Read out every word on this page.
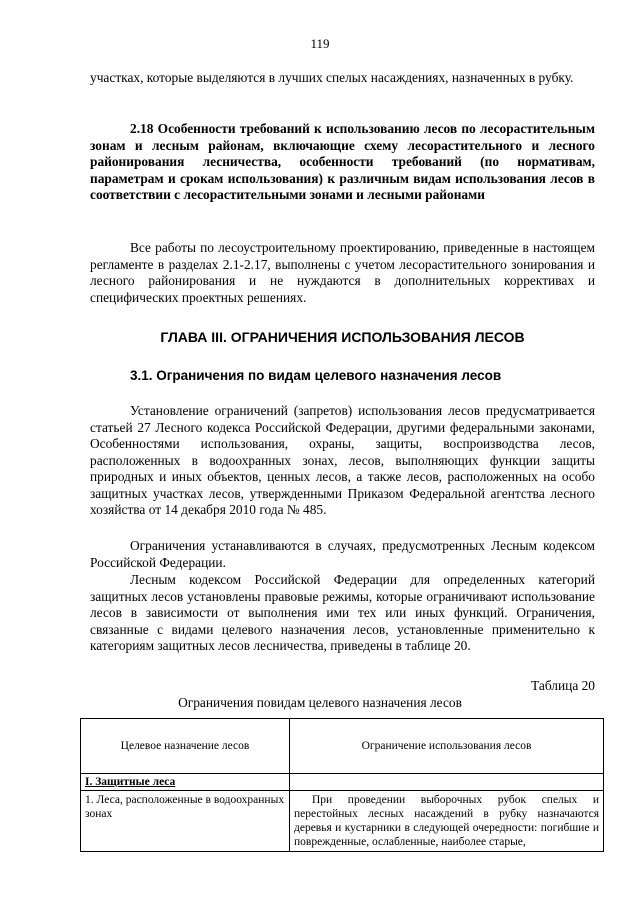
119
участках, которые выделяются в лучших спелых насаждениях, назначенных в рубку.
2.18 Особенности требований к использованию лесов по лесорастительным зонам и лесным районам, включающие схему лесорастительного и лесного районирования лесничества, особенности требований (по нормативам, параметрам и срокам использования) к различным видам использования лесов в соответствии с лесорастительными зонами и лесными районами
Все работы по лесоустроительному проектированию, приведенные в настоящем регламенте в разделах 2.1-2.17, выполнены с учетом лесорастительного зонирования и лесного районирования и не нуждаются в дополнительных коррективах и специфических проектных решениях.
ГЛАВА III. ОГРАНИЧЕНИЯ ИСПОЛЬЗОВАНИЯ ЛЕСОВ
3.1. Ограничения по видам целевого назначения лесов
Установление ограничений (запретов) использования лесов предусматривается статьей 27 Лесного кодекса Российской Федерации, другими федеральными законами, Особенностями использования, охраны, защиты, воспроизводства лесов, расположенных в водоохранных зонах, лесов, выполняющих функции защиты природных и иных объектов, ценных лесов, а также лесов, расположенных на особо защитных участках лесов, утвержденными Приказом Федеральной агентства лесного хозяйства от 14 декабря 2010 года № 485.
Ограничения устанавливаются в случаях, предусмотренных Лесным кодексом Российской Федерации.
Лесным кодексом Российской Федерации для определенных категорий защитных лесов установлены правовые режимы, которые ограничивают использование лесов в зависимости от выполнения ими тех или иных функций. Ограничения, связанные с видами целевого назначения лесов, установленные применительно к категориям защитных лесов лесничества, приведены в таблице 20.
Таблица 20
Ограничения повидам целевого назначения лесов
Целевое назначение лесов	Ограничение использования лесов
I. Защитные леса	
1. Леса, расположенные в водоохранных зонах	При проведении выборочных рубок спелых и перестойных лесных насаждений в рубку назначаются деревья и кустарники в следующей очередности: погибшие и поврежденные, ослабленные, наиболее старые,
